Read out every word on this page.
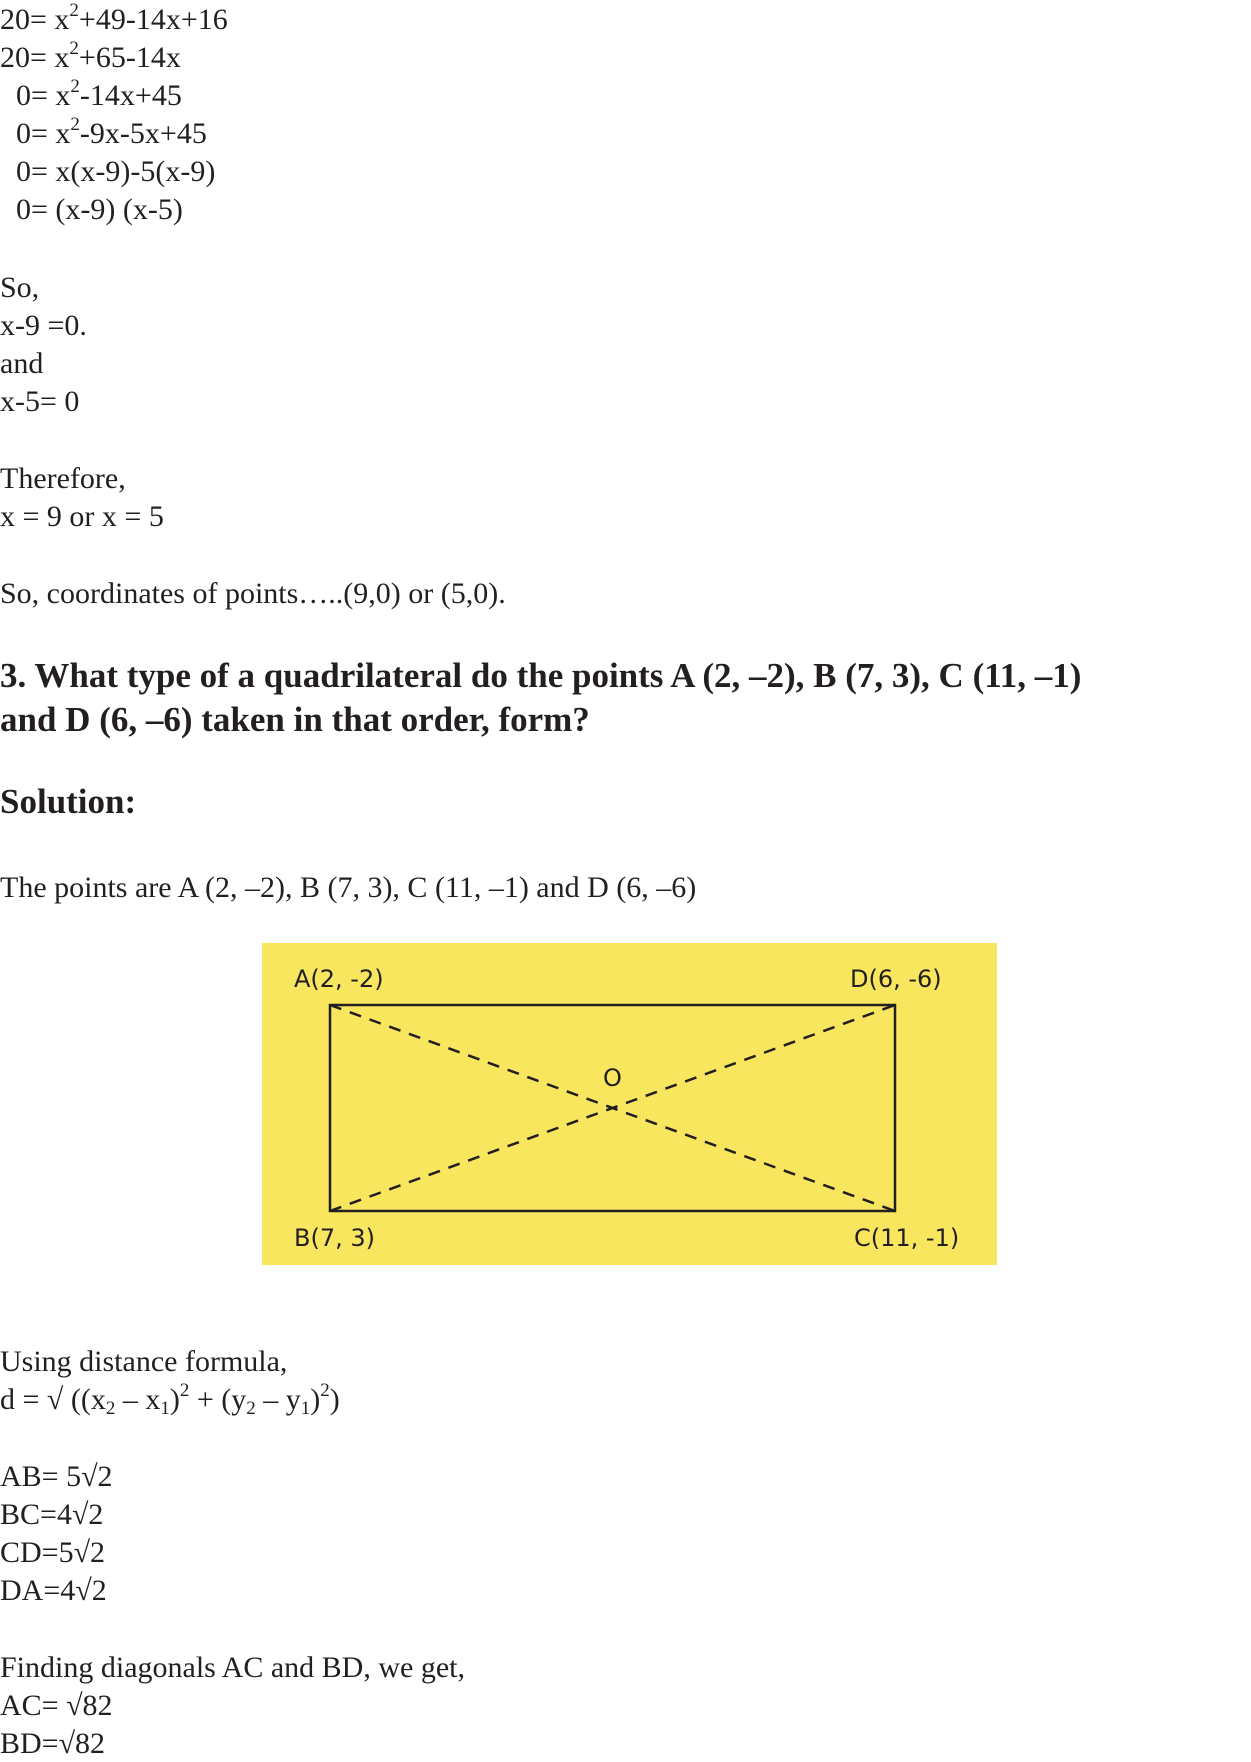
$20= x^2+49-14x+16$

$20= x^2+65-14x$

$0= x^2-14x+45$

$0= x^2-9x-5x+45$

0= x(x-9)-5(x-9)

0= (x-9) (x-5)

So,

x-9 =0.

and

x-5= 0

Therefore,

x = 9 or x = 5

So, coordinates of points…..(9,0) or (5,0).

3. What type of a quadrilateral do the points A (2, –2), B (7, 3), C (11, –1)

and D (6, –6) taken in that order, form?

Solution:

The points are A (2, –2), B (7, 3), C (11, –1) and D (6, –6)

A(2, -2)	D(6, -6)
B(7, 3)	C(11, -1)
O

Using distance formula,

d = √ $((x_2 - x_1)^2 + (y_2 - y_1)^2)$

AB= 5√2

BC=4√2

CD=5√2

DA=4√2

Finding diagonals AC and BD, we get,

AC= √82

BD=√82
